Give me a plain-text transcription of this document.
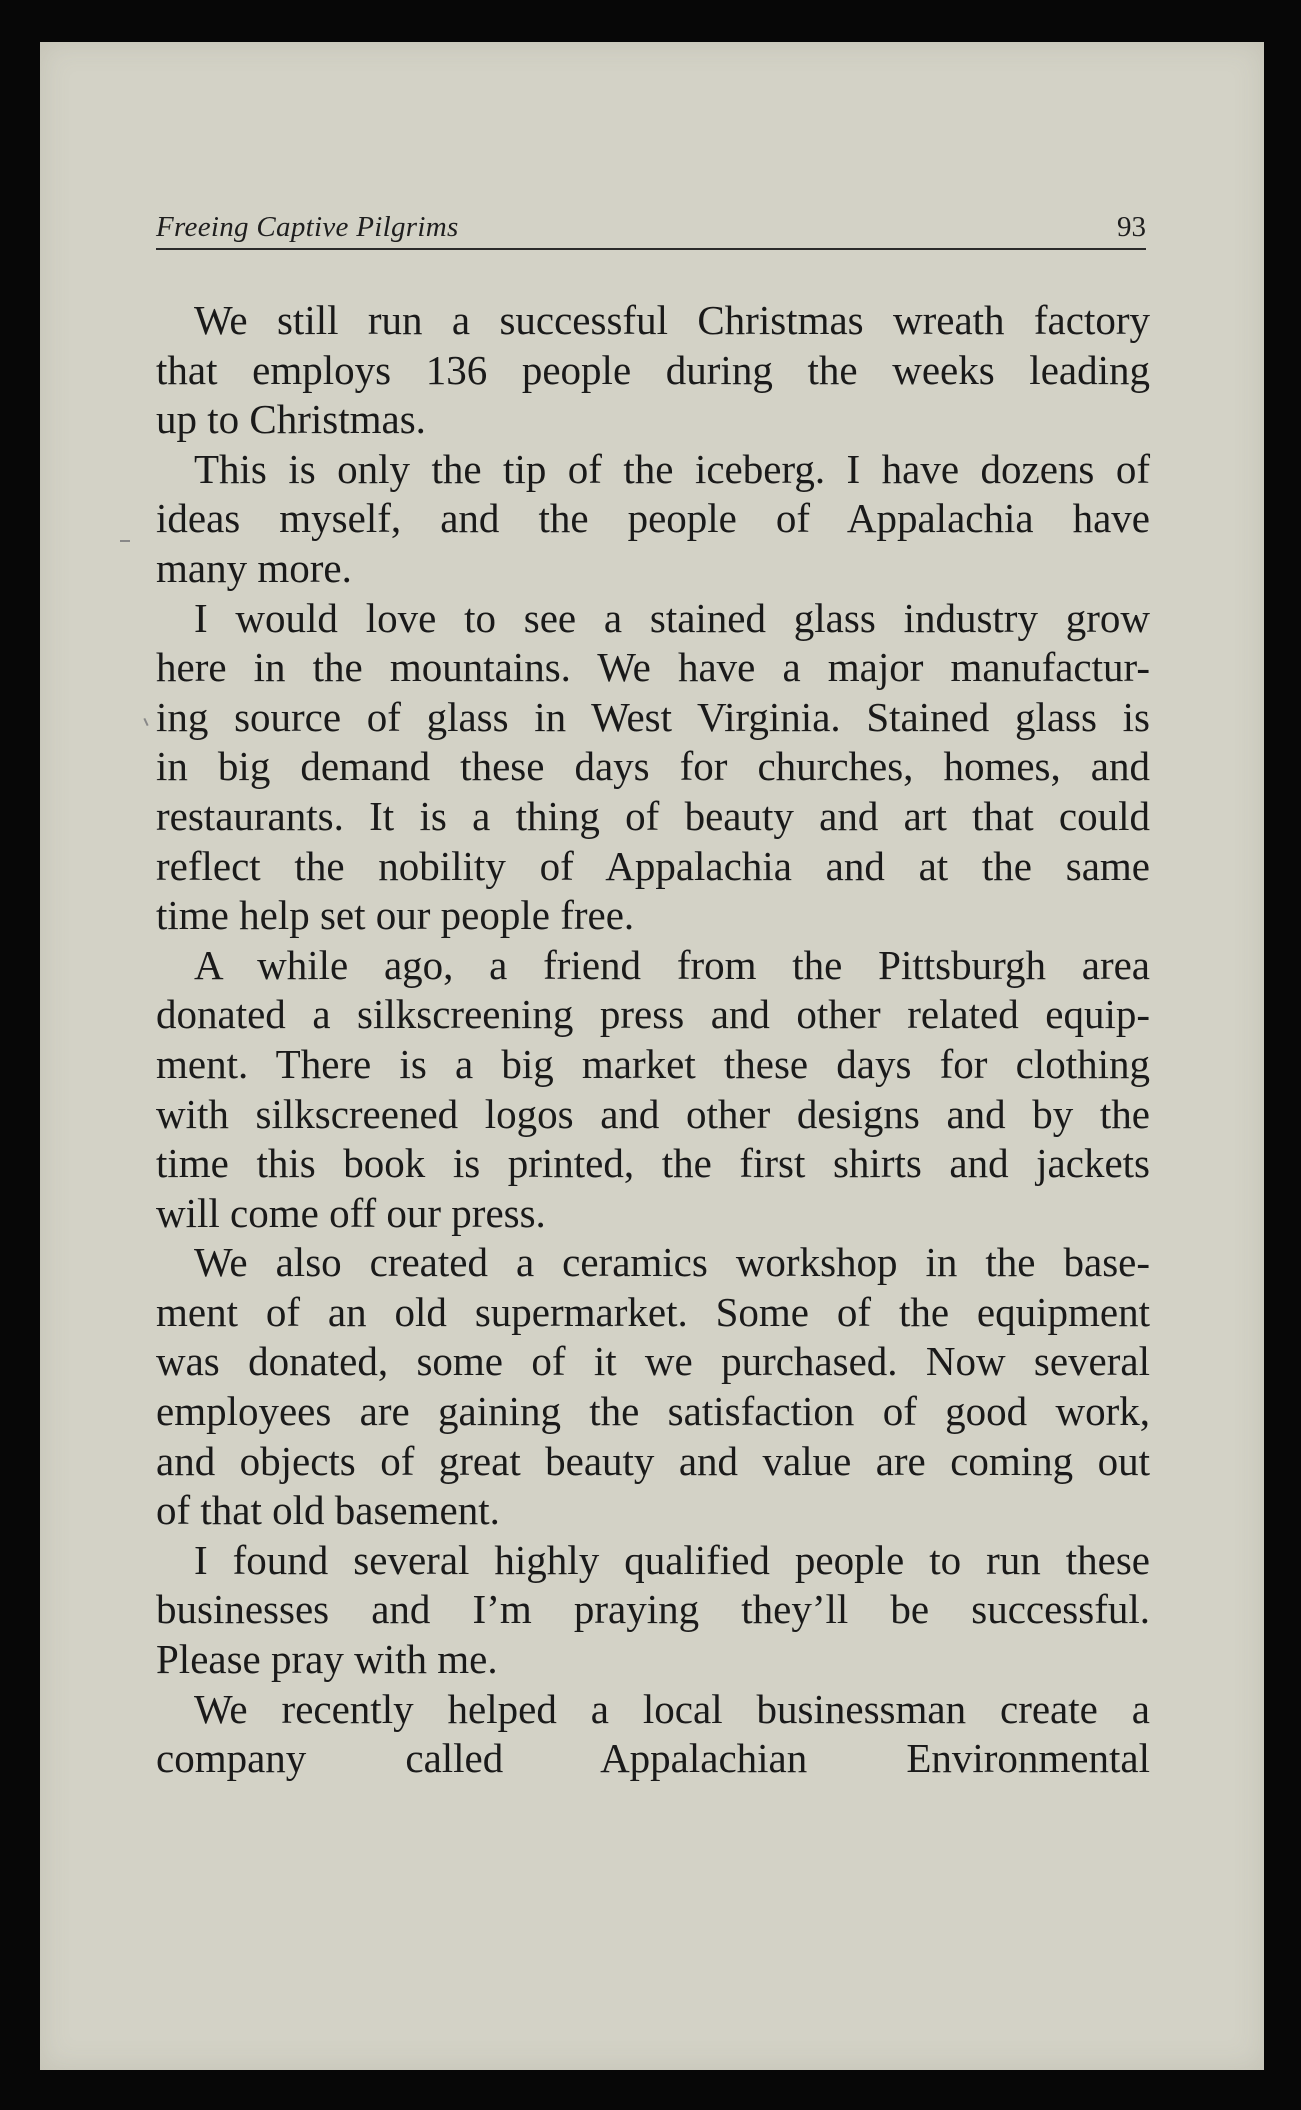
Freeing Captive Pilgrims	93
We still run a successful Christmas wreath factory
that employs 136 people during the weeks leading
up to Christmas.
This is only the tip of the iceberg. I have dozens of
ideas myself, and the people of Appalachia have
many more.
I would love to see a stained glass industry grow
here in the mountains. We have a major manufactur-
ing source of glass in West Virginia. Stained glass is
in big demand these days for churches, homes, and
restaurants. It is a thing of beauty and art that could
reflect the nobility of Appalachia and at the same
time help set our people free.
A while ago, a friend from the Pittsburgh area
donated a silkscreening press and other related equip-
ment. There is a big market these days for clothing
with silkscreened logos and other designs and by the
time this book is printed, the first shirts and jackets
will come off our press.
We also created a ceramics workshop in the base-
ment of an old supermarket. Some of the equipment
was donated, some of it we purchased. Now several
employees are gaining the satisfaction of good work,
and objects of great beauty and value are coming out
of that old basement.
I found several highly qualified people to run these
businesses and I’m praying they’ll be successful.
Please pray with me.
We recently helped a local businessman create a
company called Appalachian Environmental
